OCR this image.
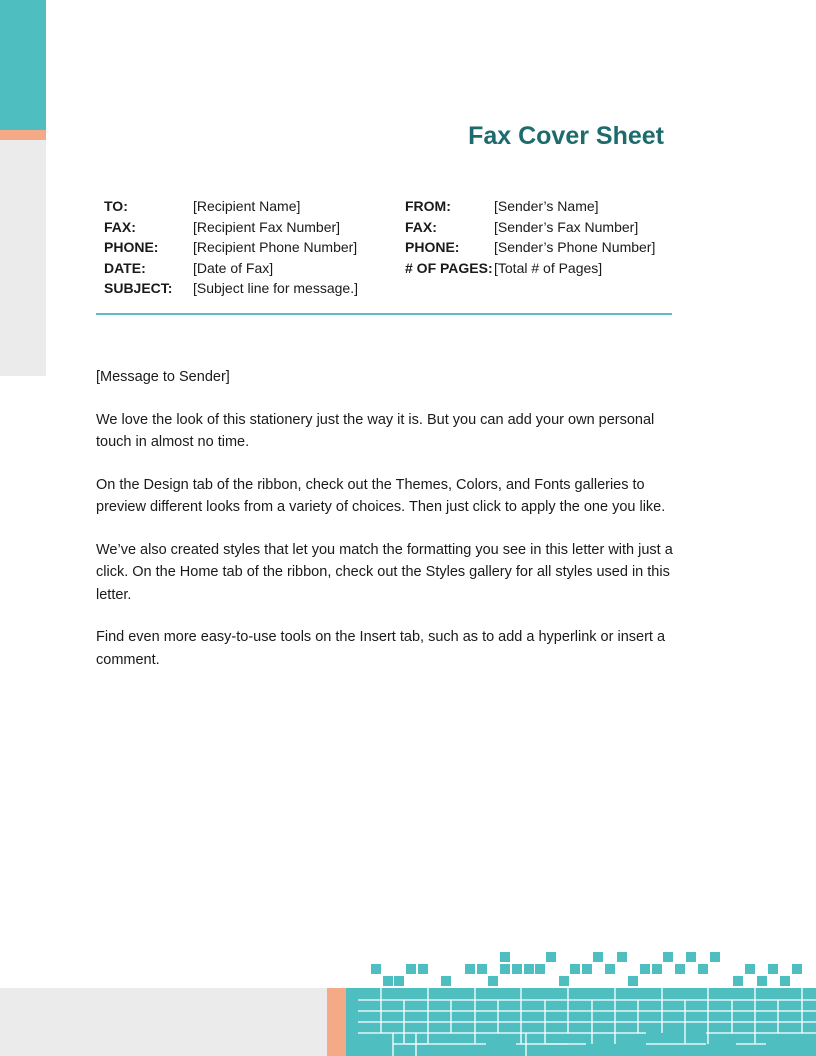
Fax Cover Sheet
TO:	[Recipient Name]
FAX:	[Recipient Fax Number]
PHONE:	[Recipient Phone Number]
DATE:	[Date of Fax]
SUBJECT:	[Subject line for message.]
FROM:	[Sender’s Name]
FAX:	[Sender’s Fax Number]
PHONE:	[Sender’s Phone Number]
# OF PAGES: [Total # of Pages]

[Message to Sender]

We love the look of this stationery just the way it is. But you can add your own personal touch in almost no time.

On the Design tab of the ribbon, check out the Themes, Colors, and Fonts galleries to preview different looks from a variety of choices. Then just click to apply the one you like.

We’ve also created styles that let you match the formatting you see in this letter with just a click. On the Home tab of the ribbon, check out the Styles gallery for all styles used in this letter.

Find even more easy-to-use tools on the Insert tab, such as to add a hyperlink or insert a comment.
